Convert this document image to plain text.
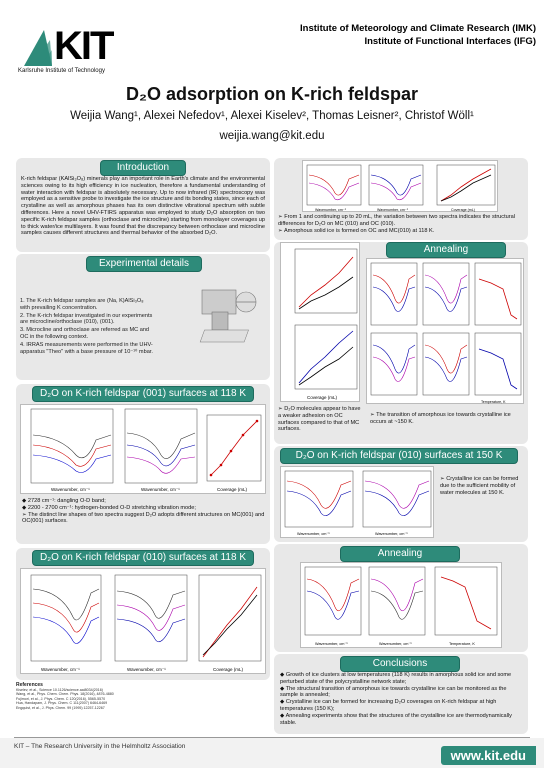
KIT
Karlsruhe Institute of Technology
Institute of Meteorology and Climate Research (IMK)
Institute of Functional Interfaces (IFG)
D₂O adsorption on K-rich feldspar
Weijia Wang¹, Alexei Nefedov¹, Alexei Kiselev², Thomas Leisner², Christof Wöll¹
weijia.wang@kit.edu
Introduction
K-rich feldspar (KAlSi₃O₈) minerals play an important role in Earth's climate and the environmental sciences owing to its high efficiency in ice nucleation, therefore a fundamental understanding of water interaction with feldspar is absolutely necessary. Up to now infrared (IR) spectroscopy was employed as a sensitive probe to investigate the ice structure and its bonding states, since each of crystalline as well as amorphous phases has its own distinctive vibrational spectrum with subtle differences. Here a novel UHV-FTIRS apparatus was employed to study D₂O absorption on two specific K-rich feldspar samples (orthoclase and microcline) starting from monolayer coverages up to thick water/ice multilayers. It was found that the discrepancy between orthoclase and microcline samples causes different structures and thermal behavior of the absorbed D₂O.
Experimental details
1. The K-rich feldspar samples are (Na, K)AlSi₃O₈ with prevailing K concentration.
2. The K-rich feldspar investigated in our experiments are microcline/orthoclase (010), (001).
3. Microcline and orthoclase are referred as MC and OC in the following context.
4. IRRAS measurements were performed in the UHV-apparatus "Theo" with a base pressure of 10⁻¹⁰ mbar.
D₂O on K-rich feldspar (001) surfaces at 118 K
Wavenumber, cm⁻¹	Wavenumber, cm⁻¹	Coverage (mL)
◆ 2728 cm⁻¹: dangling O-D band;
◆ 2200 - 2700 cm⁻¹: hydrogen-bonded O-D stretching vibration mode;
➢ The distinct line shapes of two spectra suggest D₂O adopts different structures on MC(001) and OC(001) surfaces.
D₂O on K-rich feldspar (010) surfaces at 118 K
Wavenumber, cm⁻¹	Wavenumber, cm⁻¹	Coverage (mL)
References
Kiselev, et al., Science 10.1126/science.aai8034(2016)
Wang, et al., Phys. Chem. Chem. Phys. 18(2016), 4876-4880
Fujimori, et al., J. Phys. Chem. C 120(2016), 5565-5570
Hua, Handapam, J. Phys. Chem. C 111(2007) 6464-6469
Engquist, et al., J. Phys. Chem. 99 (1995) 12257-12267
Wavenumber, cm⁻¹	Wavenumber, cm⁻¹	Coverage (mL)
➢ From 1 and continuing up to 20 mL, the variation between two spectra indicates the structural differences for D₂O on MC (010) and OC (010).
➢ Amorphous solid ice is formed on OC and MC(010) at 118 K.
Coverage (mL)
Annealing
Temperature, K
➢ D₂O molecules appear to have a weaker adhesion on OC surfaces compared to that of MC surfaces.
➢ The transition of amorphous ice towards crystalline ice occurs at ~150 K.
D₂O on K-rich feldspar (010) surfaces at 150 K
Wavenumber, cm⁻¹	Wavenumber, cm⁻¹
➢ Crystalline ice can be formed due to the sufficient mobility of water molecules at 150 K.
Annealing
Wavenumber, cm⁻¹	Wavenumber, cm⁻¹	Temperature, K
Conclusions
◆ Growth of ice clusters at low temperatures (118 K) results in amorphous solid ice and some perturbed state of the polycrystalline network state;
◆ The structural transition of amorphous ice towards crystalline ice can be monitored as the sample is annealed;
◆ Crystalline ice can be formed for increasing D₂O coverages on K-rich feldspar at high temperatures (150 K);
◆ Annealing experiments show that the structures of the crystalline ice are thermodynamically stable.
KIT – The Research University in the Helmholtz Association
www.kit.edu
